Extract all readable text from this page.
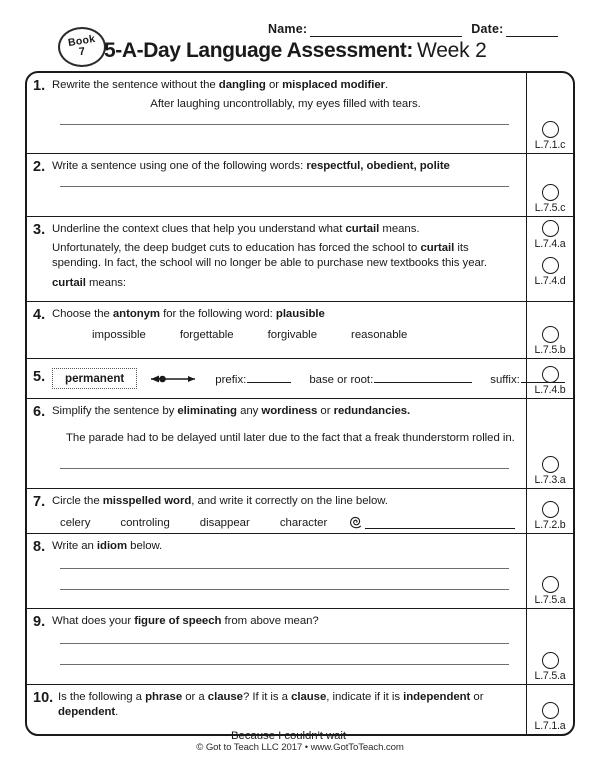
Name:	Date:
Book
7 5-A-Day Language Assessment: Week 2
1. Rewrite the sentence without the dangling or misplaced modifier.
After laughing uncontrollably, my eyes filled with tears.
L.7.1.c
2. Write a sentence using one of the following words: respectful, obedient, polite
L.7.5.c
3. Underline the context clues that help you understand what curtail means.
Unfortunately, the deep budget cuts to education has forced the school to curtail its spending. In fact, the school will no longer be able to purchase new textbooks this year.
curtail means:
L.7.4.a
L.7.4.d
4. Choose the antonym for the following word: plausible
impossible	forgettable	forgivable	reasonable
L.7.5.b
5.	permanent	prefix:	base or root:	suffix:
L.7.4.b
6. Simplify the sentence by eliminating any wordiness or redundancies.
The parade had to be delayed until later due to the fact that a freak thunderstorm rolled in.
L.7.3.a
7. Circle the misspelled word, and write it correctly on the line below.
celery	controling	disappear	character	L.7.2.b
8. Write an idiom below.
L.7.5.a
9. What does your figure of speech from above mean?
L.7.5.a
10. Is the following a phrase or a clause? If it is a clause, indicate if it is independent or dependent.
Because I couldn't wait
L.7.1.a
© Got to Teach LLC 2017 • www.GotToTeach.com
